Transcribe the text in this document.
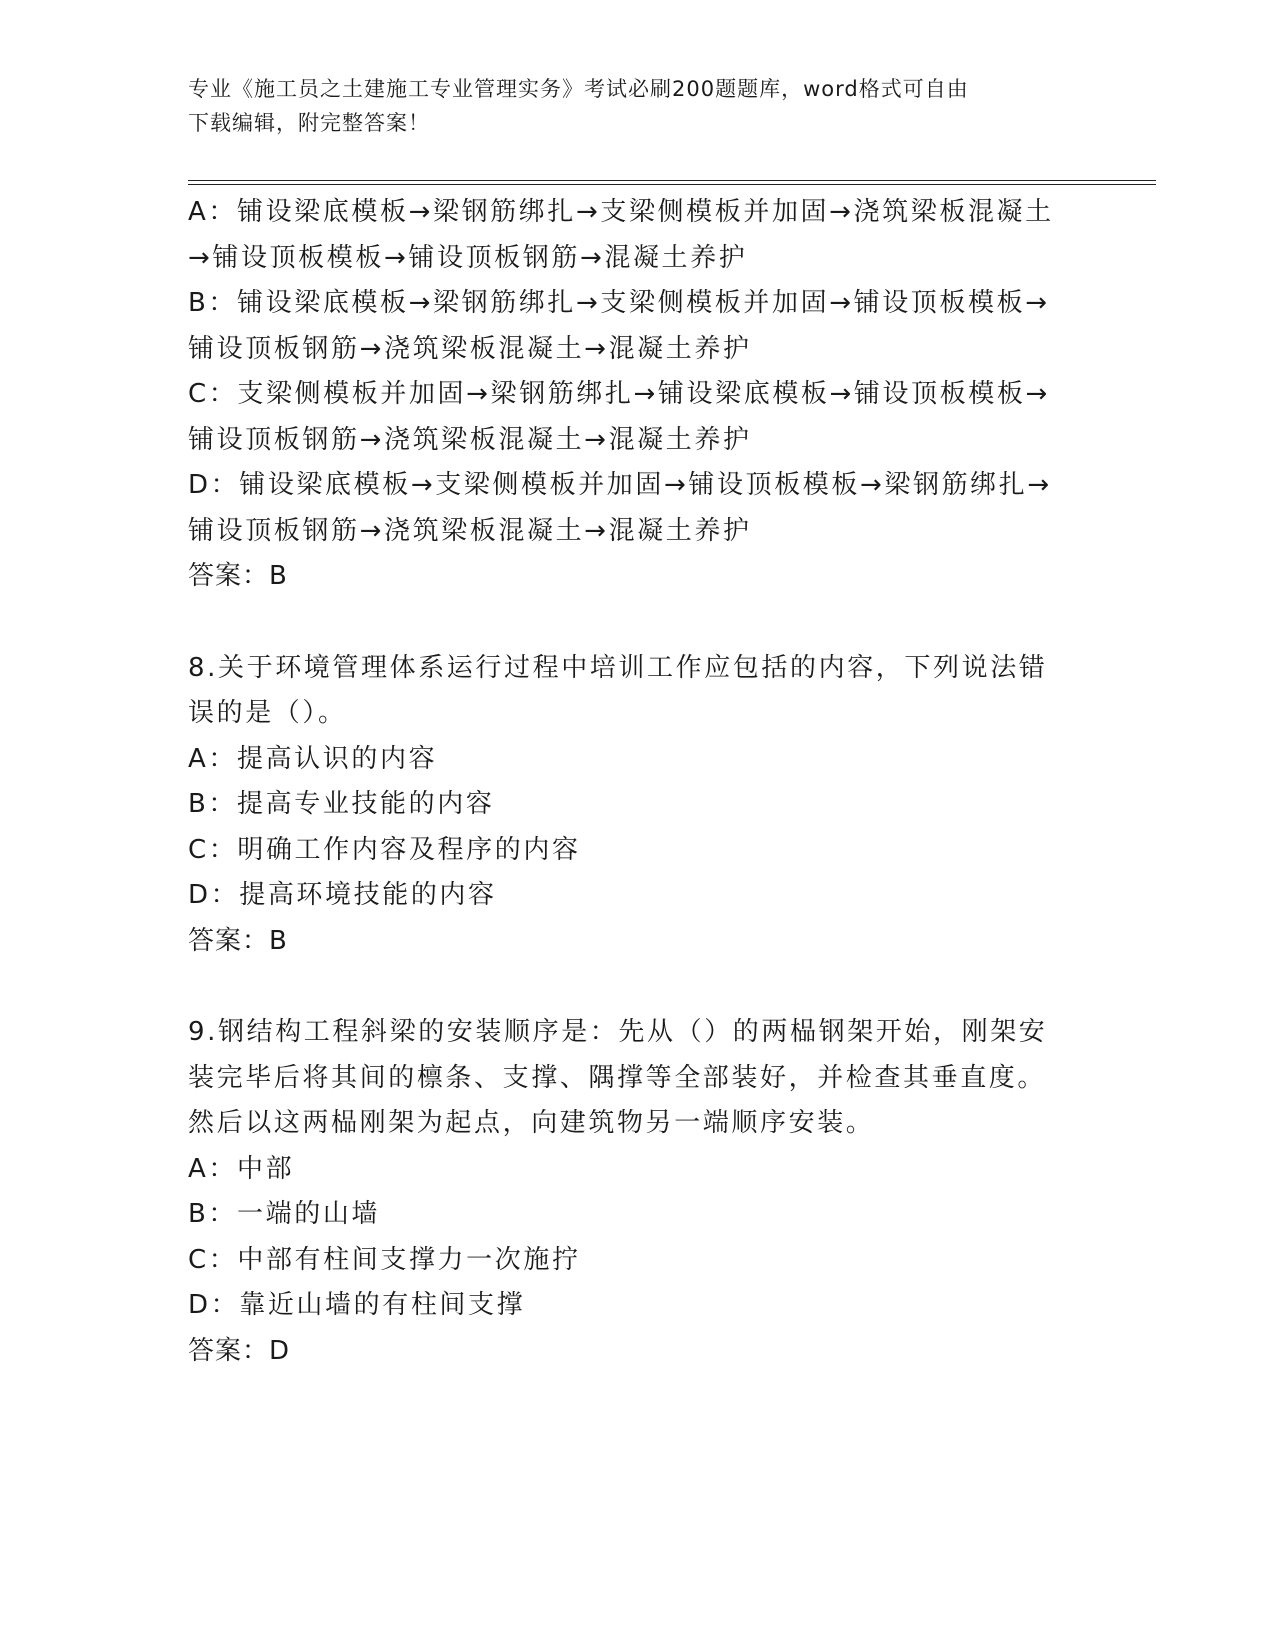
专业《施工员之土建施工专业管理实务》考试必刷200题题库，word格式可自由
下载编辑，附完整答案！
A：铺设梁底模板→梁钢筋绑扎→支梁侧模板并加固→浇筑梁板混凝土
→铺设顶板模板→铺设顶板钢筋→混凝土养护
B：铺设梁底模板→梁钢筋绑扎→支梁侧模板并加固→铺设顶板模板→
铺设顶板钢筋→浇筑梁板混凝土→混凝土养护
C：支梁侧模板并加固→梁钢筋绑扎→铺设梁底模板→铺设顶板模板→
铺设顶板钢筋→浇筑梁板混凝土→混凝土养护
D：铺设梁底模板→支梁侧模板并加固→铺设顶板模板→梁钢筋绑扎→
铺设顶板钢筋→浇筑梁板混凝土→混凝土养护
答案：B
8.关于环境管理体系运行过程中培训工作应包括的内容，下列说法错
误的是（）。
A：提高认识的内容
B：提高专业技能的内容
C：明确工作内容及程序的内容
D：提高环境技能的内容
答案：B
9.钢结构工程斜梁的安装顺序是：先从（）的两榀钢架开始，刚架安
装完毕后将其间的檩条、支撑、隅撑等全部装好，并检查其垂直度。
然后以这两榀刚架为起点，向建筑物另一端顺序安装。
A：中部
B：一端的山墙
C：中部有柱间支撑力一次施拧
D：靠近山墙的有柱间支撑
答案：D
